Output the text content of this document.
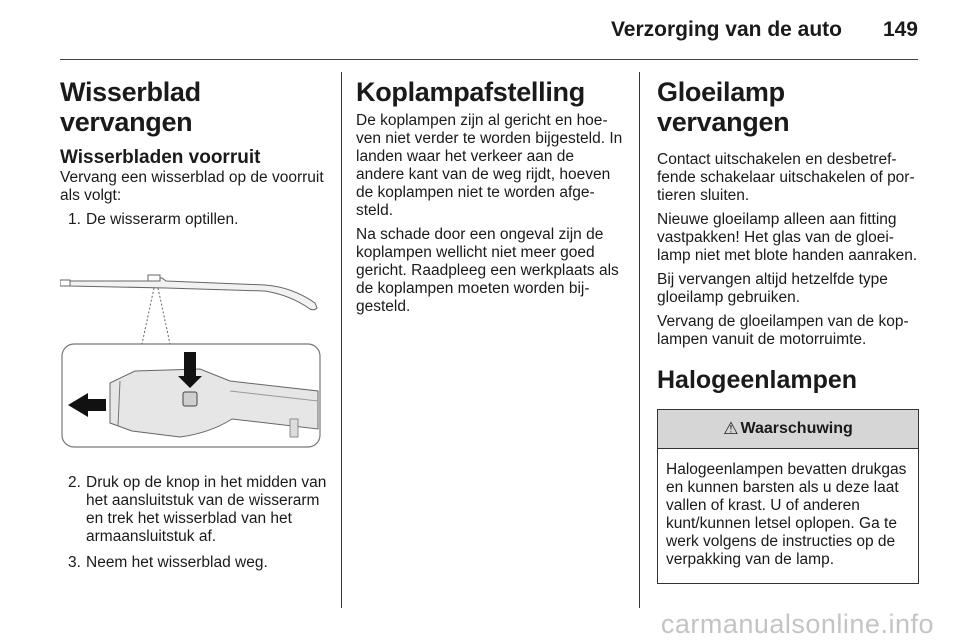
Verzorging van de auto 149
Wisserblad vervangen
Wisserbladen voorruit

Vervang een wisserblad op de voorruit als volgt:

1. De wisserarm optillen.
2. Druk op de knop in het midden van het aansluitstuk van de wisserarm en trek het wisserblad van het armaansluitstuk af.
3. Neem het wisserblad weg.
Koplampafstelling

De koplampen zijn al gericht en hoeven niet verder te worden bijgesteld. In landen waar het verkeer aan de andere kant van de weg rijdt, hoeven de koplampen niet te worden afgesteld.

Na schade door een ongeval zijn de koplampen wellicht niet meer goed gericht. Raadpleeg een werkplaats als de koplampen moeten worden bijgesteld.

Gloeilamp vervangen

Contact uitschakelen en desbetreffende schakelaar uitschakelen of portieren sluiten.

Nieuwe gloeilamp alleen aan fitting vastpakken! Het glas van de gloeilamp niet met blote handen aanraken.

Bij vervangen altijd hetzelfde type gloeilamp gebruiken.

Vervang de gloeilampen van de koplampen vanuit de motorruimte.

Halogeenlampen
⚠ Waarschuwing
Halogeenlampen bevatten drukgas en kunnen barsten als u deze laat vallen of krast. U of anderen kunt/kunnen letsel oplopen. Ga te werk volgens de instructies op de verpakking van de lamp.
carmanualsonline.info
